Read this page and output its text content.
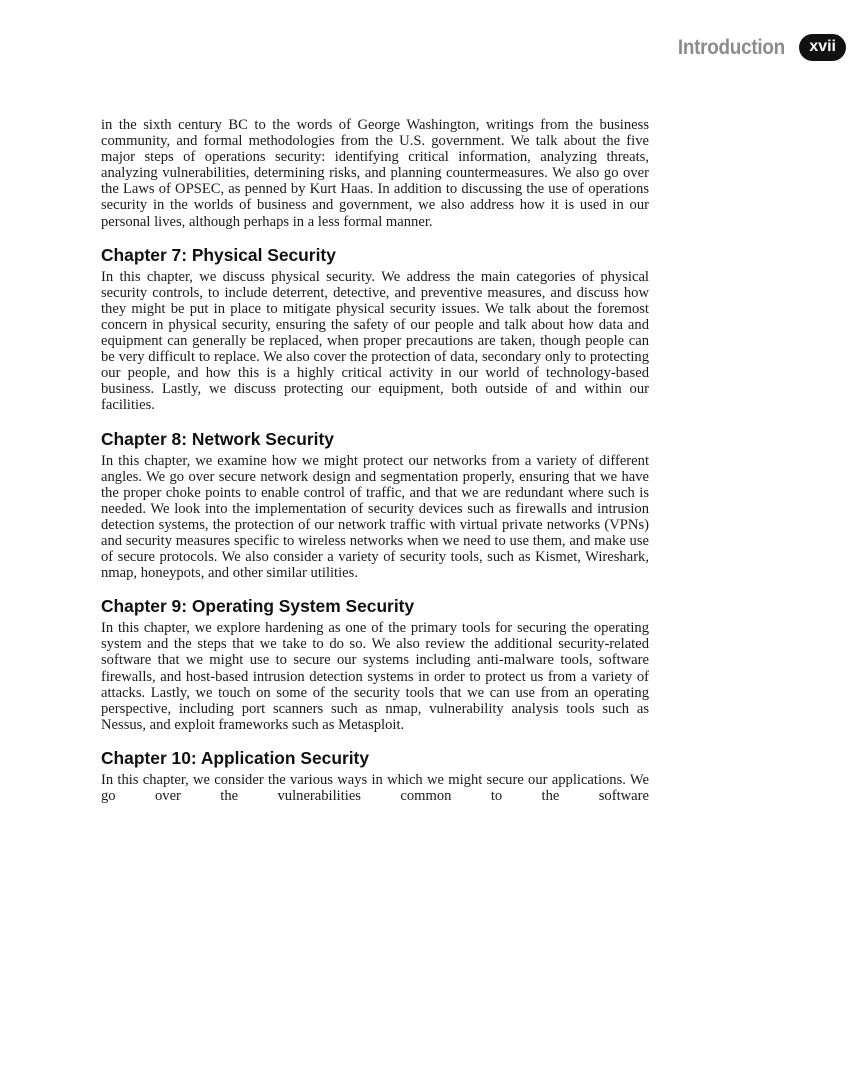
Introduction	xvii

in the sixth century BC to the words of George Washington, writings from the business community, and formal methodologies from the U.S. government. We talk about the five major steps of operations security: identifying critical information, analyzing threats, analyzing vulnerabilities, determining risks, and planning countermeasures. We also go over the Laws of OPSEC, as penned by Kurt Haas. In addition to discussing the use of operations security in the worlds of business and government, we also address how it is used in our personal lives, although perhaps in a less formal manner.

Chapter 7: Physical Security

In this chapter, we discuss physical security. We address the main categories of physical security controls, to include deterrent, detective, and preventive measures, and discuss how they might be put in place to mitigate physical security issues. We talk about the foremost concern in physical security, ensuring the safety of our people and talk about how data and equipment can generally be replaced, when proper precautions are taken, though people can be very difficult to replace. We also cover the protection of data, secondary only to protecting our people, and how this is a highly critical activity in our world of technology-based business. Lastly, we discuss protecting our equipment, both outside of and within our facilities.

Chapter 8: Network Security

In this chapter, we examine how we might protect our networks from a variety of different angles. We go over secure network design and segmentation properly, ensuring that we have the proper choke points to enable control of traffic, and that we are redundant where such is needed. We look into the implementation of security devices such as firewalls and intrusion detection systems, the protection of our network traffic with virtual private networks (VPNs) and security measures specific to wireless networks when we need to use them, and make use of secure protocols. We also consider a variety of security tools, such as Kismet, Wireshark, nmap, honeypots, and other similar utilities.

Chapter 9: Operating System Security

In this chapter, we explore hardening as one of the primary tools for securing the operating system and the steps that we take to do so. We also review the additional security-related software that we might use to secure our systems including anti-malware tools, software firewalls, and host-based intrusion detection systems in order to protect us from a variety of attacks. Lastly, we touch on some of the security tools that we can use from an operating perspective, including port scanners such as nmap, vulnerability analysis tools such as Nessus, and exploit frameworks such as Metasploit.

Chapter 10: Application Security

In this chapter, we consider the various ways in which we might secure our applications. We go over the vulnerabilities common to the software
